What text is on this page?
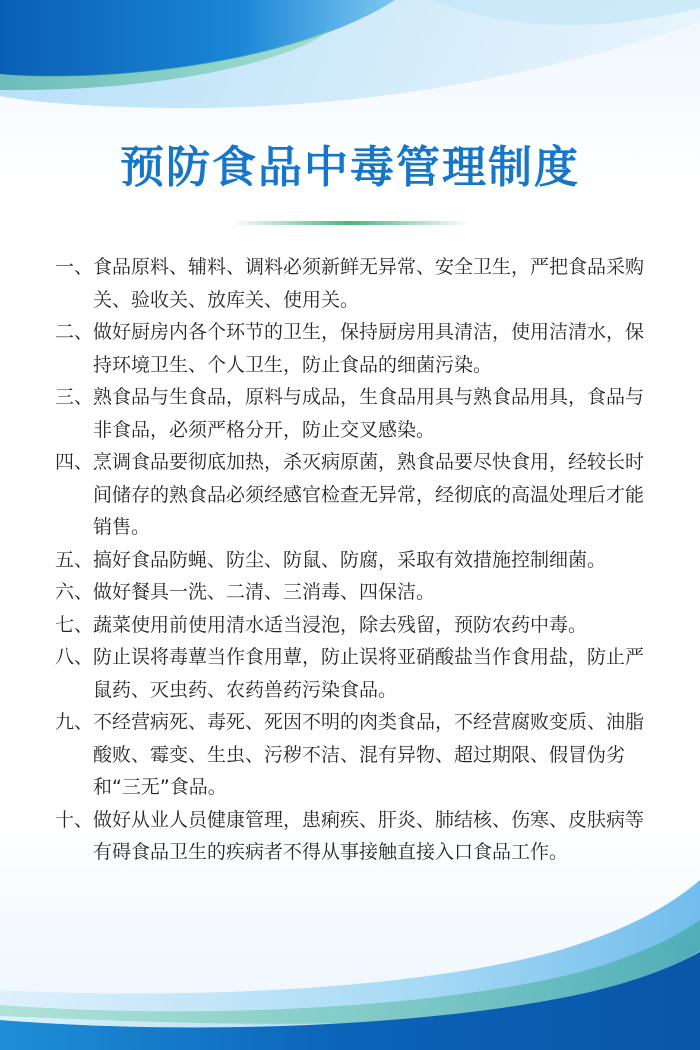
预防食品中毒管理制度
一、 食品原料、辅料、调料必须新鲜无异常、安全卫生，严把食品采购关、验收关、放库关、使用关。
二、 做好厨房内各个环节的卫生，保持厨房用具清洁，使用洁清水，保持环境卫生、个人卫生，防止食品的细菌污染。
三、 熟食品与生食品，原料与成品，生食品用具与熟食品用具，食品与非食品，必须严格分开，防止交叉感染。
四、 烹调食品要彻底加热，杀灭病原菌，熟食品要尽快食用，经较长时间储存的熟食品必须经感官检查无异常，经彻底的高温处理后才能销售。
五、 搞好食品防蝇、防尘、防鼠、防腐，采取有效措施控制细菌。
六、 做好餐具一洗、二清、三消毒、四保洁。
七、 蔬菜使用前使用清水适当浸泡，除去残留，预防农药中毒。
八、 防止误将毒蕈当作食用蕈，防止误将亚硝酸盐当作食用盐，防止严鼠药、灭虫药、农药兽药污染食品。
九、 不经营病死、毒死、死因不明的肉类食品，不经营腐败变质、油脂酸败、霉变、生虫、污秽不洁、混有异物、超过期限、假冒伪劣和“三无”食品。
十、 做好从业人员健康管理，患痢疾、肝炎、肺结核、伤寒、皮肤病等有碍食品卫生的疾病者不得从事接触直接入口食品工作。
